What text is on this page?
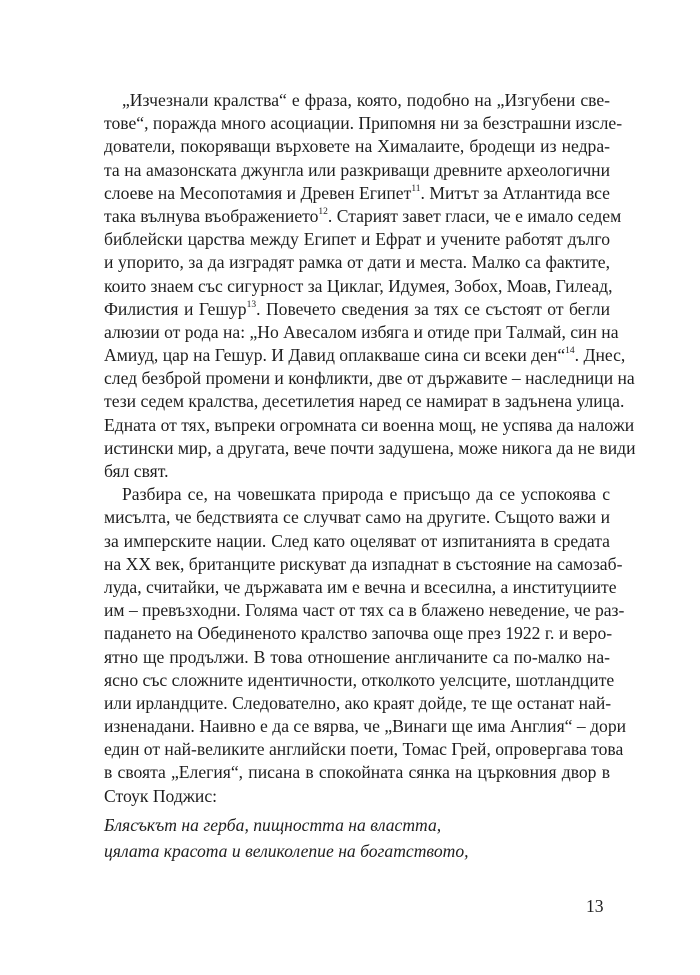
„Изчезнали кралства“ е фраза, която, подобно на „Изгубени све-
тове“, поражда много асоциации. Припомня ни за безстрашни изсле-
дователи, покоряващи върховете на Хималаите, бродещи из недра-
та на амазонската джунгла или разкриващи древните археологични
слоеве на Месопотамия и Древен Египет$^{11}$. Митът за Атлантида все
така вълнува въображението$^{12}$. Старият завет гласи, че е имало седем
библейски царства между Египет и Ефрат и учените работят дълго
и упорито, за да изградят рамка от дати и места. Малко са фактите,
които знаем със сигурност за Циклаг, Идумея, Зобох, Моав, Гилеад,
Филистия и Гешур$^{13}$. Повечето сведения за тях се състоят от бегли
алюзии от рода на: „Но Авесалом избяга и отиде при Талмай, син на
Амиуд, цар на Гешур. И Давид оплакваше сина си всеки ден“$^{14}$. Днес,
след безброй промени и конфликти, две от държавите – наследници на
тези седем кралства, десетилетия наред се намират в задънена улица.
Едната от тях, въпреки огромната си военна мощ, не успява да наложи
истински мир, а другата, вече почти задушена, може никога да не види
бял свят.
Разбира се, на човешката природа е присъщо да се успокоява с
мисълта, че бедствията се случват само на другите. Същото важи и
за имперските нации. След като оцеляват от изпитанията в средата
на XX век, британците рискуват да изпаднат в състояние на самозаб-
луда, считайки, че държавата им е вечна и всесилна, а институциите
им – превъзходни. Голяма част от тях са в блажено неведение, че раз-
падането на Обединеното кралство започва още през 1922 г. и веро-
ятно ще продължи. В това отношение англичаните са по-малко на-
ясно със сложните идентичности, отколкото уелсците, шотландците
или ирландците. Следователно, ако краят дойде, те ще останат най-
изненадани. Наивно е да се вярва, че „Винаги ще има Англия“ – дори
един от най-великите английски поети, Томас Грей, опровергава това
в своята „Елегия“, писана в спокойната сянка на църковния двор в
Стоук Поджис:
Блясъкът на герба, пищността на властта,
цялата красота и великолепие на богатството,
13
